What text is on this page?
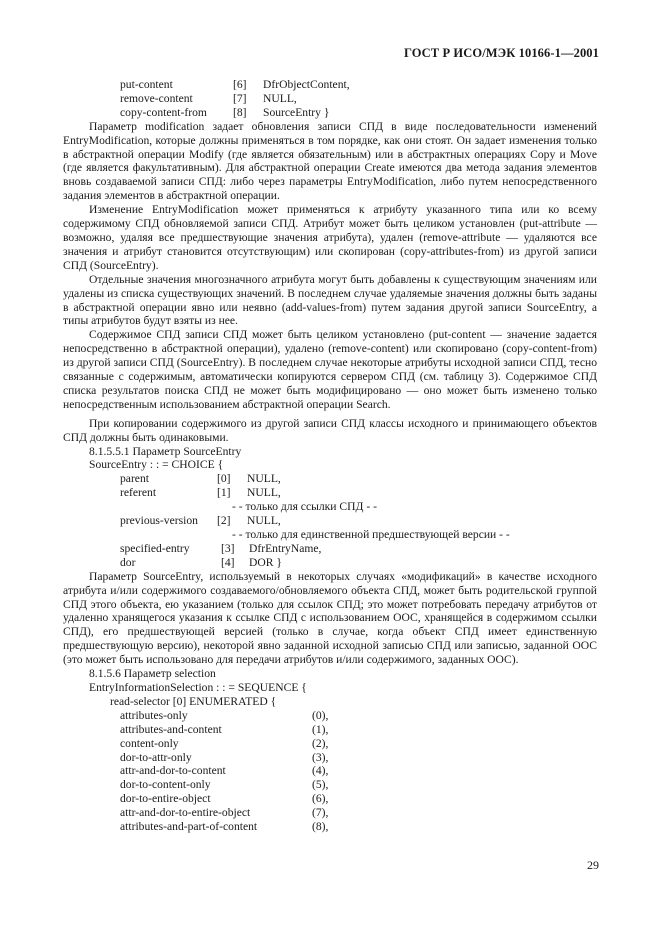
ГОСТ Р ИСО/МЭК 10166-1—2001
put-content	[6]	DfrObjectContent,
remove-content	[7]	NULL,
copy-content-from	[8]	SourceEntry }

Параметр modification задает обновления записи СПД в виде последовательности изменений EntryModification, которые должны применяться в том порядке, как они стоят. Он задает изменения только в абстрактной операции Modify (где является обязательным) или в абстрактных операциях Copy и Move (где является факультативным). Для абстрактной операции Create имеются два метода задания элементов вновь создаваемой записи СПД: либо через параметры EntryModification, либо путем непосредственного задания элементов в абстрактной операции.

Изменение EntryModification может применяться к атрибуту указанного типа или ко всему содержимому СПД обновляемой записи СПД. Атрибут может быть целиком установлен (put-attribute — возможно, удаляя все предшествующие значения атрибута), удален (remove-attribute — удаляются все значения и атрибут становится отсутствующим) или скопирован (copy-attributes-from) из другой записи СПД (SourceEntry).

Отдельные значения многозначного атрибута могут быть добавлены к существующим значениям или удалены из списка существующих значений. В последнем случае удаляемые значения должны быть заданы в абстрактной операции явно или неявно (add-values-from) путем задания другой записи SourceEntry, а типы атрибутов будут взяты из нее.

Содержимое СПД записи СПД может быть целиком установлено (put-content — значение задается непосредственно в абстрактной операции), удалено (remove-content) или скопировано (copy-content-from) из другой записи СПД (SourceEntry). В последнем случае некоторые атрибуты исходной записи СПД, тесно связанные с содержимым, автоматически копируются сервером СПД (см. таблицу 3). Содержимое СПД списка результатов поиска СПД не может быть модифицировано — оно может быть изменено только непосредственным использованием абстрактной операции Search.

При копировании содержимого из другой записи СПД классы исходного и принимающего объектов СПД должны быть одинаковыми.

8.1.5.5.1 Параметр SourceEntry

SourceEntry : : = CHOICE {

parent	[0]	NULL,
referent	[1]	NULL,
- - только для ссылки СПД - -
previous-version	[2]	NULL,
- - только для единственной предшествующей версии - -
specified-entry	[3]	DfrEntryName,
dor	[4]	DOR }

Параметр SourceEntry, используемый в некоторых случаях «модификаций» в качестве исходного атрибута и/или содержимого создаваемого/обновляемого объекта СПД, может быть родительской группой СПД этого объекта, ею указанием (только для ссылок СПД; это может потребовать передачу атрибутов от удаленно хранящегося указания к ссылке СПД с использованием ООС, хранящейся в содержимом ссылки СПД), его предшествующей версией (только в случае, когда объект СПД имеет единственную предшествующую версию), некоторой явно заданной исходной записью СПД или записью, заданной ООС (это может быть использовано для передачи атрибутов и/или содержимого, заданных ООС).

8.1.5.6 Параметр selection

EntryInformationSelection : : = SEQUENCE {

read-selector [0] ENUMERATED {

attributes-only	(0),
attributes-and-content	(1),
content-only	(2),
dor-to-attr-only	(3),
attr-and-dor-to-content	(4),
dor-to-content-only	(5),
dor-to-entire-object	(6),
attr-and-dor-to-entire-object	(7),
attributes-and-part-of-content	(8),
29
